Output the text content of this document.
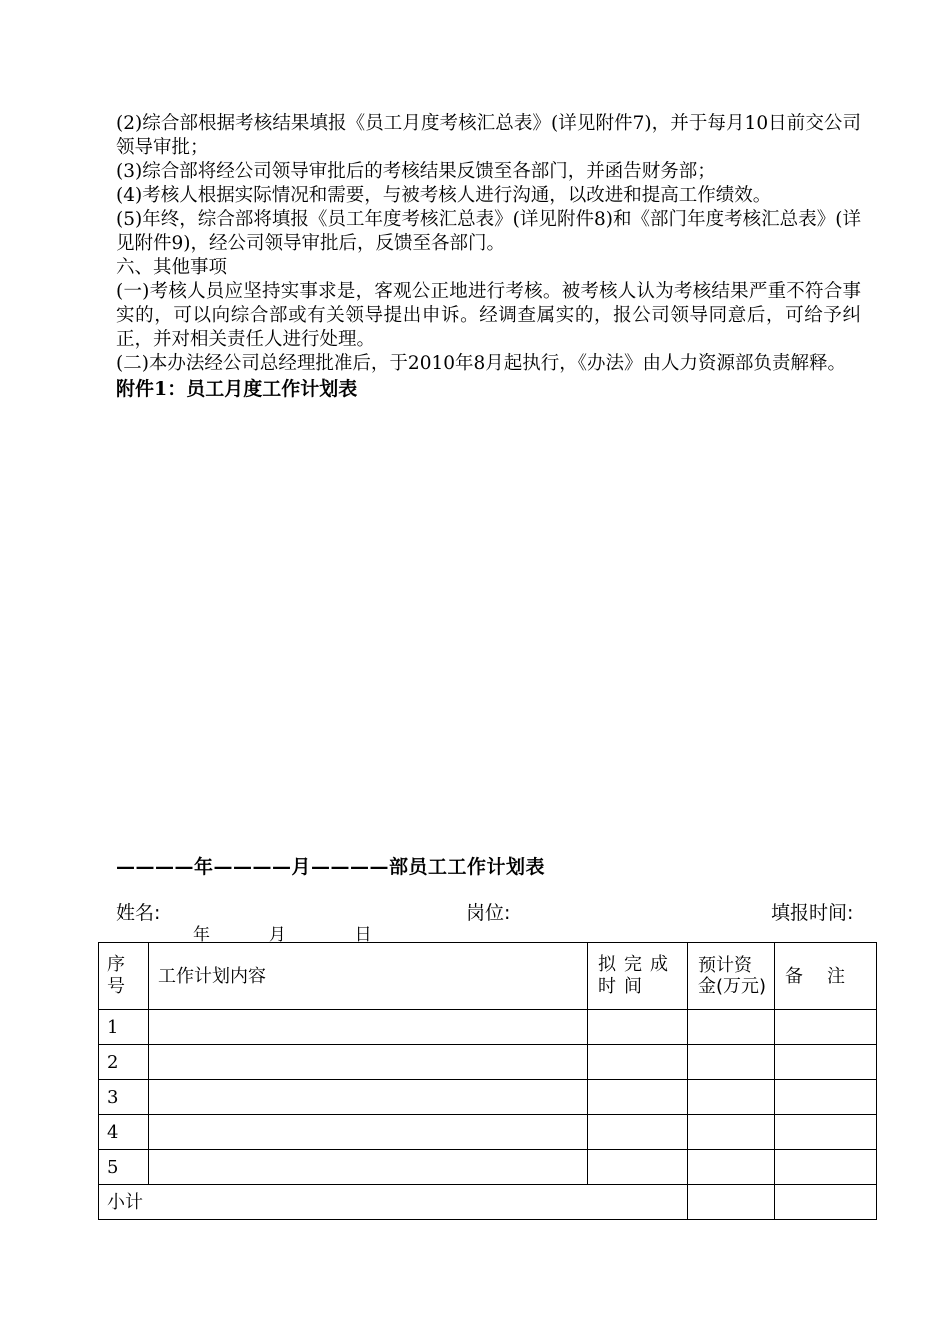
(2)综合部根据考核结果填报《员工月度考核汇总表》(详见附件7)，并于每月10日前交公司领导审批；

(3)综合部将经公司领导审批后的考核结果反馈至各部门，并函告财务部；

(4)考核人根据实际情况和需要，与被考核人进行沟通，以改进和提高工作绩效。

(5)年终，综合部将填报《员工年度考核汇总表》(详见附件8)和《部门年度考核汇总表》(详见附件9)，经公司领导审批后，反馈至各部门。

六、其他事项

(一)考核人员应坚持实事求是，客观公正地进行考核。被考核人认为考核结果严重不符合事实的，可以向综合部或有关领导提出申诉。经调查属实的，报公司领导同意后，可给予纠正，并对相关责任人进行处理。

(二)本办法经公司总经理批准后，于2010年8月起执行，《办法》由人力资源部负责解释。

附件1：员工月度工作计划表

————年————月————部员工工作计划表
姓名:	岗位:	填报时间:
年	月	日
序号	工作计划内容	拟完成时间	预计资金(万元)	备注
1				
2				
3				
4				
5				
小计				
